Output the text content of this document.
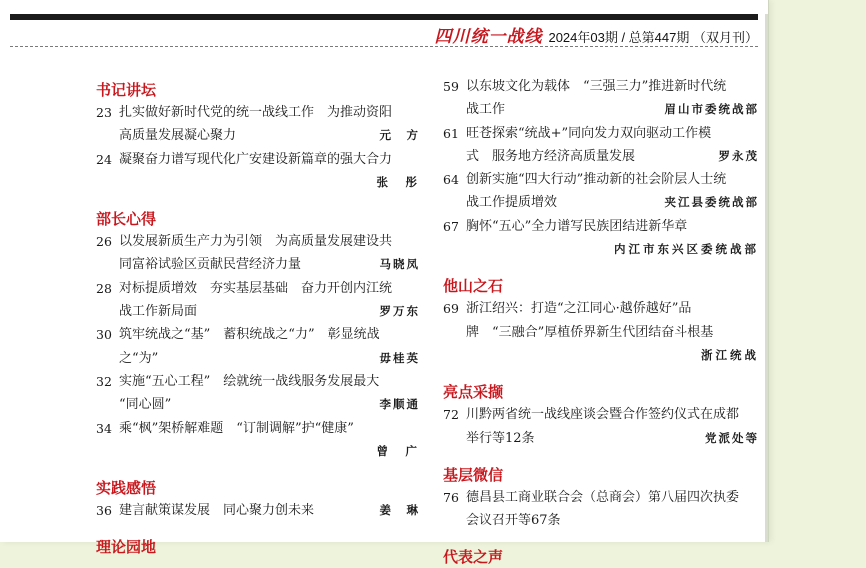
四川统一战线 2024年03期 / 总第447期 （双月刊）
书记讲坛
23 扎实做好新时代党的统一战线工作　为推动资阳
高质量发展凝心聚力	元　方
24 凝聚奋力谱写现代化广安建设新篇章的强大合力
张　彤
部长心得
26 以发展新质生产力为引领　为高质量发展建设共
同富裕试验区贡献民营经济力量	马晓凤
28 对标提质增效　夯实基层基础　奋力开创内江统
战工作新局面	罗万东
30 筑牢统战之“基”　蓄积统战之“力”　彰显统战
之“为”	毋桂英
32 实施“五心工程”　绘就统一战线服务发展最大
“同心圆”	李顺通
34 乘“枫”架桥解难题　“订制调解”护“健康”
曾　广
实践感悟
36 建言献策谋发展　同心聚力创未来	姜　琳
理论园地
59 以东坡文化为载体　“三强三力”推进新时代统
战工作	眉山市委统战部
61 旺苍探索“统战+”同向发力双向驱动工作模
式　服务地方经济高质量发展	罗永茂
64 创新实施“四大行动”推动新的社会阶层人士统
战工作提质增效	夹江县委统战部
67 胸怀“五心”全力谱写民族团结进新华章
内江市东兴区委统战部
他山之石
69 浙江绍兴：打造“之江同心·越侨越好”品
牌　“三融合”厚植侨界新生代团结奋斗根基
浙江统战
亮点采撷
72 川黔两省统一战线座谈会暨合作签约仪式在成都
举行等12条	党派处等
基层微信
76 德昌县工商业联合会（总商会）第八届四次执委
会议召开等67条
代表之声
